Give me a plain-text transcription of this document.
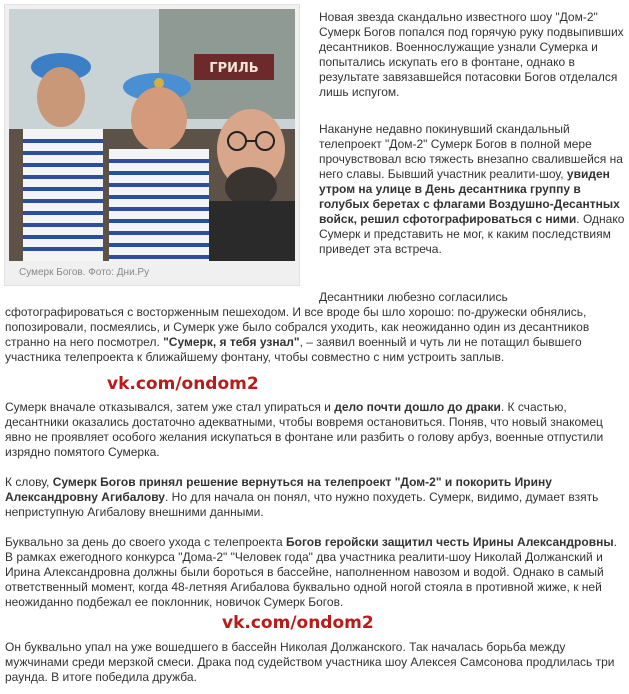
ГРИЛЬ
Сумерк Богов. Фото: Дни.Ру

Новая звезда скандально известного шоу "Дом-2" Сумерк Богов попался под горячую руку подвыпивших десантников. Военнослужащие узнали Сумерка и попытались искупать его в фонтане, однако в результате завязавшейся потасовки Богов отделался лишь испугом.

Накануне недавно покинувший скандальный телепроект "Дом-2" Сумерк Богов в полной мере прочувствовал всю тяжесть внезапно свалившейся на него славы. Бывший участник реалити-шоу, увиден утром на улице в День десантника группу в голубых беретах с флагами Воздушно-Десантных войск, решил сфотографироваться с ними. Однако Сумерк и представить не мог, к каким последствиям приведет эта встреча.

Десантники любезно согласились

сфотографироваться с восторженным пешеходом. И все вроде бы шло хорошо: по-дружески обнялись, попозировали, посмеялись, и Сумерк уже было собрался уходить, как неожиданно один из десантников странно на него посмотрел. "Сумерк, я тебя узнал", – заявил военный и чуть ли не потащил бывшего участника телепроекта к ближайшему фонтану, чтобы совместно с ним устроить заплыв.

vk.com/ondom2

Сумерк вначале отказывался, затем уже стал упираться и дело почти дошло до драки. К счастью, десантники оказались достаточно адекватными, чтобы вовремя остановиться. Поняв, что новый знакомец явно не проявляет особого желания искупаться в фонтане или разбить о голову арбуз, военные отпустили изрядно помятого Сумерка.

К слову, Сумерк Богов принял решение вернуться на телепроект "Дом-2" и покорить Ирину Александровну Агибалову. Но для начала он понял, что нужно похудеть. Сумерк, видимо, думает взять неприступную Агибалову внешними данными.

Буквально за день до своего ухода с телепроекта Богов геройски защитил честь Ирины Александровны. В рамках ежегодного конкурса "Дома-2" "Человек года" два участника реалити-шоу Николай Должанский и Ирина Александровна должны были бороться в бассейне, наполненном навозом и водой. Однако в самый ответственный момент, когда 48-летняя Агибалова буквально одной ногой стояла в противной жиже, к ней неожиданно подбежал ее поклонник, новичок Сумерк Богов.

vk.com/ondom2

Он буквально упал на уже вошедшего в бассейн Николая Должанского. Так началась борьба между мужчинами среди мерзкой смеси. Драка под судейством участника шоу Алексея Самсонова продлилась три раунда. В итоге победила дружба.
